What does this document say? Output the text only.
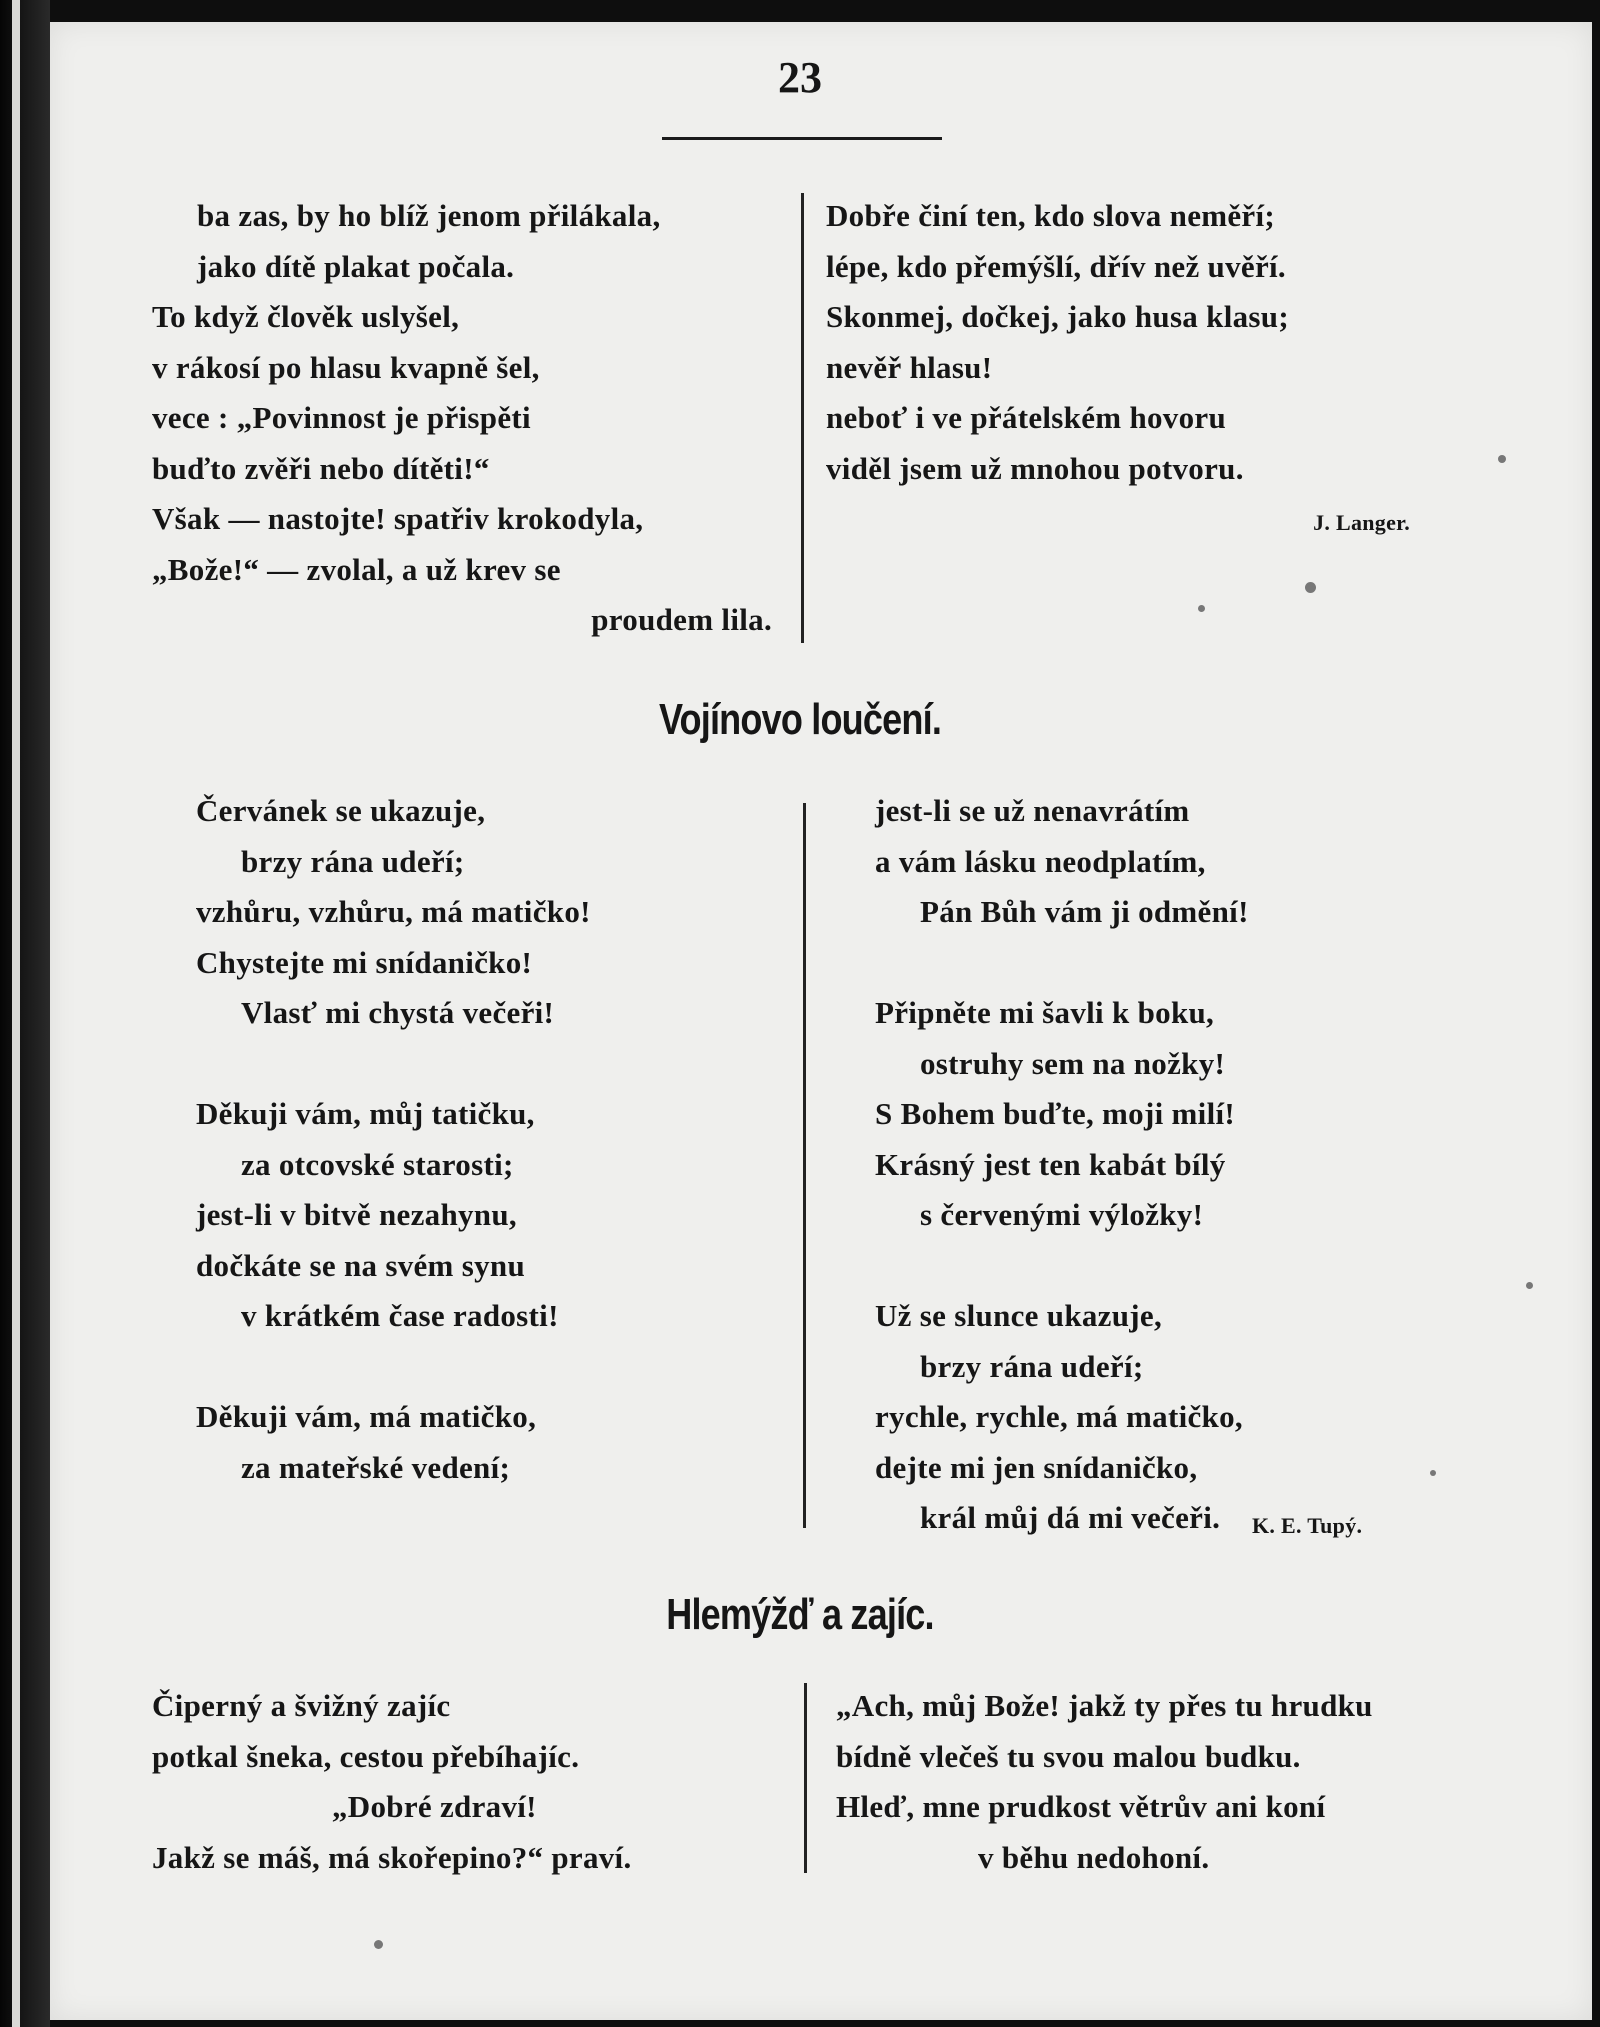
23
ba zas, by ho blíž jenom přilákala,
jako dítě plakat počala.
To když člověk uslyšel,
v rákosí po hlasu kvapně šel,
vece : „Povinnost je přispěti
buďto zvěři nebo dítěti!“
Však — nastojte! spatřiv krokodyla,
„Bože!“ — zvolal, a už krev se
proudem lila.
Dobře činí ten, kdo slova neměří;
lépe, kdo přemýšlí, dřív než uvěří.
Skonmej, dočkej, jako husa klasu;
nevěř hlasu!
neboť i ve přátelském hovoru
viděl jsem už mnohou potvoru.
J. Langer.
Vojínovo loučení.
Červánek se ukazuje,
brzy rána udeří;
vzhůru, vzhůru, má matičko!
Chystejte mi snídaničko!
Vlasť mi chystá večeři!
Děkuji vám, můj tatičku,
za otcovské starosti;
jest-li v bitvě nezahynu,
dočkáte se na svém synu
v krátkém čase radosti!
Děkuji vám, má matičko,
za mateřské vedení;
jest-li se už nenavrátím
a vám lásku neodplatím,
Pán Bůh vám ji odmění!
Připněte mi šavli k boku,
ostruhy sem na nožky!
S Bohem buďte, moji milí!
Krásný jest ten kabát bílý
s červenými výložky!
Už se slunce ukazuje,
brzy rána udeří;
rychle, rychle, má matičko,
dejte mi jen snídaničko,
král můj dá mi večeři. K. E. Tupý.
Hlemýžď a zajíc.
Čiperný a švižný zajíc
potkal šneka, cestou přebíhajíc.
„Dobré zdraví!
Jakž se máš, má skořepino?“ praví.
„Ach, můj Bože! jakž ty přes tu hrudku
bídně vlečeš tu svou malou budku.
Hleď, mne prudkost větrův ani koní
v běhu nedohoní.
